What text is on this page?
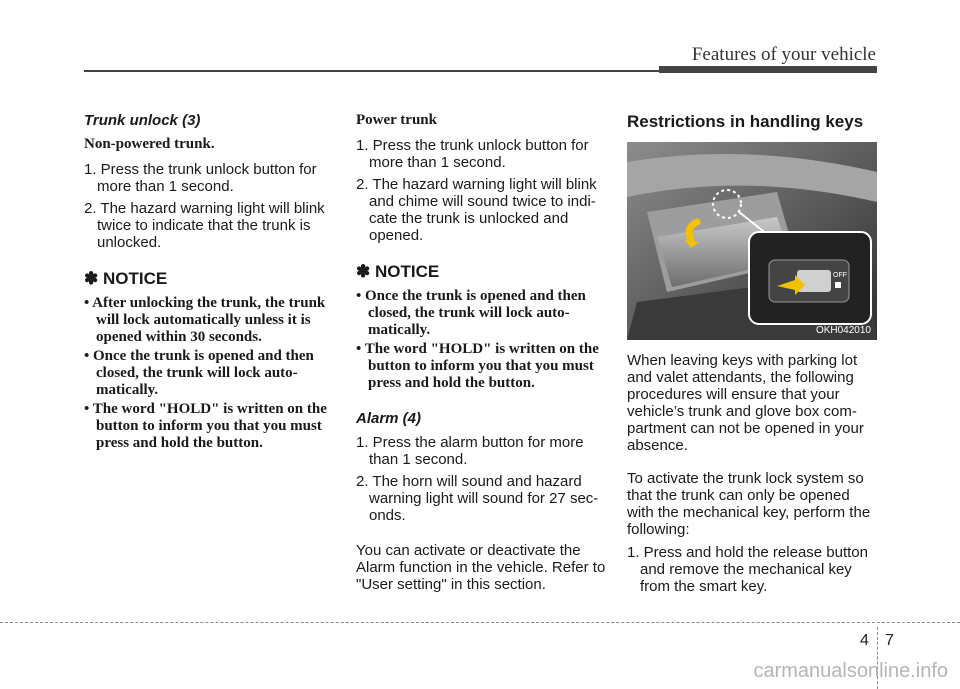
Features of your vehicle
Trunk unlock (3)
Non-powered trunk.
1. Press the trunk unlock button for more than 1 second.
2. The hazard warning light will blink twice to indicate that the trunk is unlocked.
✽ NOTICE
• After unlocking the trunk, the trunk will lock automatically unless it is opened within 30 seconds.
• Once the trunk is opened and then closed, the trunk will lock auto-matically.
• The word "HOLD" is written on the button to inform you that you must press and hold the button.
Power trunk
1. Press the trunk unlock button for more than 1 second.
2. The hazard warning light will blink and chime will sound twice to indi-cate the trunk is unlocked and opened.
✽ NOTICE
• Once the trunk is opened and then closed, the trunk will lock auto-matically.
• The word "HOLD" is written on the button to inform you that you must press and hold the button.
Alarm (4)
1. Press the alarm button for more than 1 second.
2. The horn will sound and hazard warning light will sound for 27 sec-onds.
You can activate or deactivate the Alarm function in the vehicle. Refer to "User setting" in this section.
Restrictions in handling keys
OFF
OKH042010
When leaving keys with parking lot and valet attendants, the following procedures will ensure that your vehicle’s trunk and glove box com-partment can not be opened in your absence.
To activate the trunk lock system so that the trunk can only be opened with the mechanical key, perform the following:
1. Press and hold the release button and remove the mechanical key from the smart key.
4 7
carmanualsonline.info
